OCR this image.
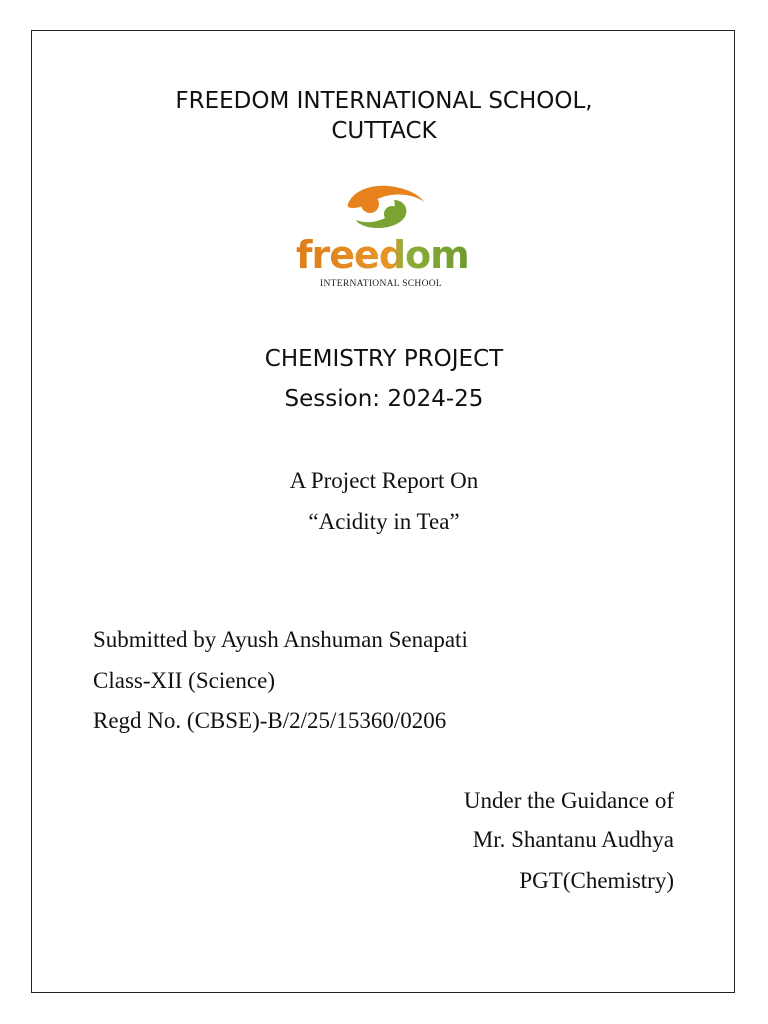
FREEDOM INTERNATIONAL SCHOOL,
CUTTACK
freedom
INTERNATIONAL SCHOOL
CHEMISTRY PROJECT
Session: 2024-25
A Project Report On
“Acidity in Tea”
Submitted by Ayush Anshuman Senapati
Class-XII (Science)
Regd No. (CBSE)-B/2/25/15360/0206
Under the Guidance of
Mr. Shantanu Audhya
PGT(Chemistry)
